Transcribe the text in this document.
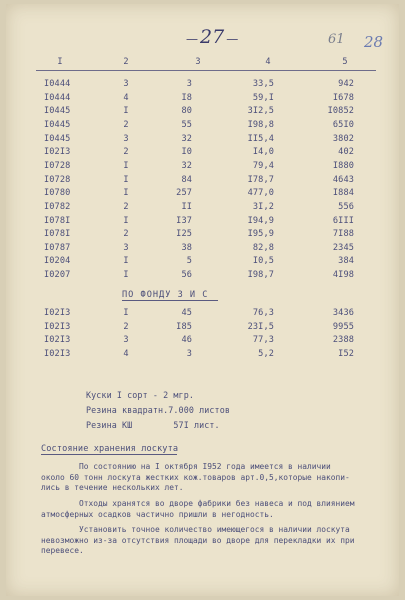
— 27 —	61 28
I	2	3	4	5
I0444	3	3	33,5	942
I0444	4	I8	59,I	I678
I0445	I	80	3I2,5	I0852
I0445	2	55	I98,8	65I0
I0445	3	32	II5,4	3802
I02I3	2	I0	I4,0	402
I0728	I	32	79,4	I880
I0728	I	84	I78,7	4643
I0780	I	257	477,0	I884
I0782	2	II	3I,2	556
I078I	I	I37	I94,9	6III
I078I	2	I25	I95,9	7I88
I0787	3	38	82,8	2345
I0204	I	5	I0,5	384
I0207	I	56	I98,7	4I98
ПО ФОНДУ З И С
I02I3	I	45	76,3	3436
I02I3	2	I85	23I,5	9955
I02I3	3	46	77,3	2388
I02I3	4	3	5,2	I52
Куски I сорт - 2 мгр.
Резина квадратн.7.000 листов
Резина КШ        57I лист.
Состояние хранения лоскута
По состоянию на I октября I952 года имеется в наличии
около 60 тонн лоскута жестких кож.товаров арт.0,5,которые накопи-
лись в течение нескольких лет.
Отходы хранятся во дворе фабрики без навеса и под влиянием
атмосферных осадков частично пришли в негодность.
Установить точное количество имеющегося в наличии лоскута
невозможно из-за отсутствия площади во дворе для перекладки их при
перевесе.
